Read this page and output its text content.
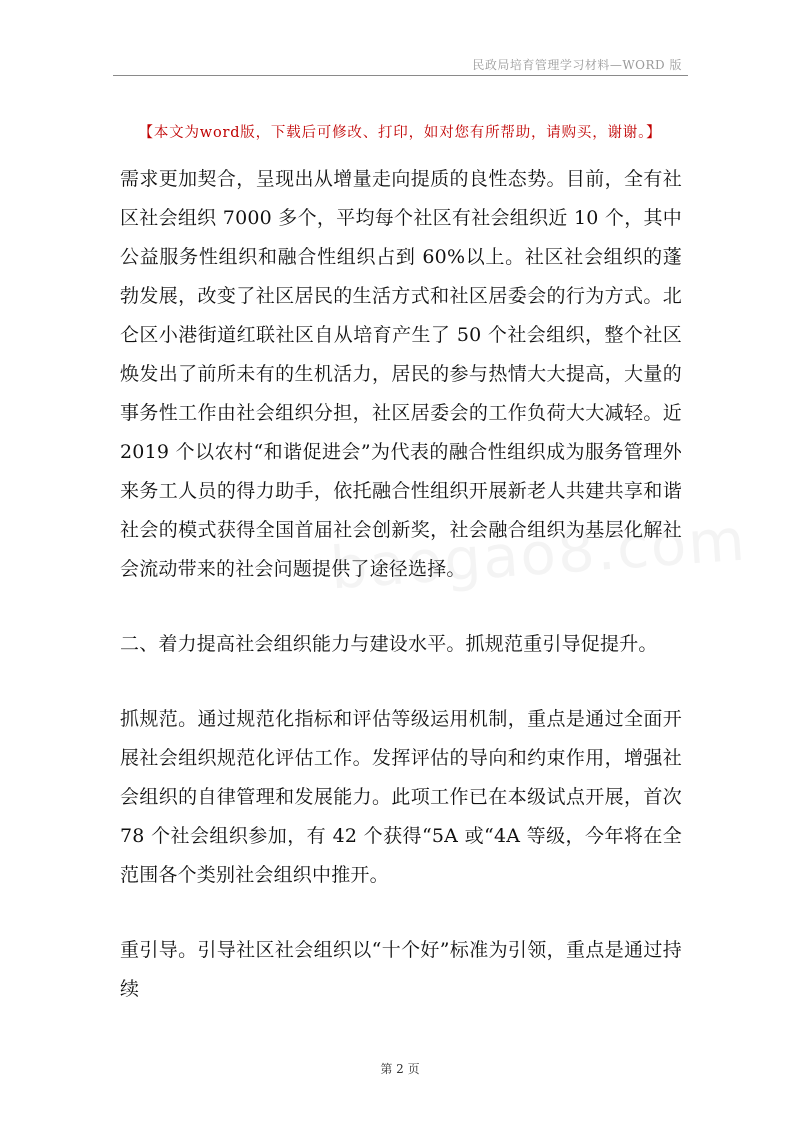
民政局培育管理学习材料—WORD 版
【本文为word版，下载后可修改、打印，如对您有所帮助，请购买，谢谢。】

需求更加契合，呈现出从增量走向提质的良性态势。目前，全有社区社会组织 7000 多个，平均每个社区有社会组织近 10 个，其中公益服务性组织和融合性组织占到 60%以上。社区社会组织的蓬勃发展，改变了社区居民的生活方式和社区居委会的行为方式。北仑区小港街道红联社区自从培育产生了 50 个社会组织，整个社区焕发出了前所未有的生机活力，居民的参与热情大大提高，大量的事务性工作由社会组织分担，社区居委会的工作负荷大大减轻。近 2019 个以农村“和谐促进会”为代表的融合性组织成为服务管理外来务工人员的得力助手，依托融合性组织开展新老人共建共享和谐社会的模式获得全国首届社会创新奖，社会融合组织为基层化解社会流动带来的社会问题提供了途径选择。

二、着力提高社会组织能力与建设水平。抓规范重引导促提升。

抓规范。通过规范化指标和评估等级运用机制，重点是通过全面开展社会组织规范化评估工作。发挥评估的导向和约束作用，增强社会组织的自律管理和发展能力。此项工作已在本级试点开展，首次 78 个社会组织参加，有 42 个获得“5A 或“4A 等级，今年将在全范围各个类别社会组织中推开。

重引导。引导社区社会组织以“十个好”标准为引领，重点是通过持续

第 2 页
